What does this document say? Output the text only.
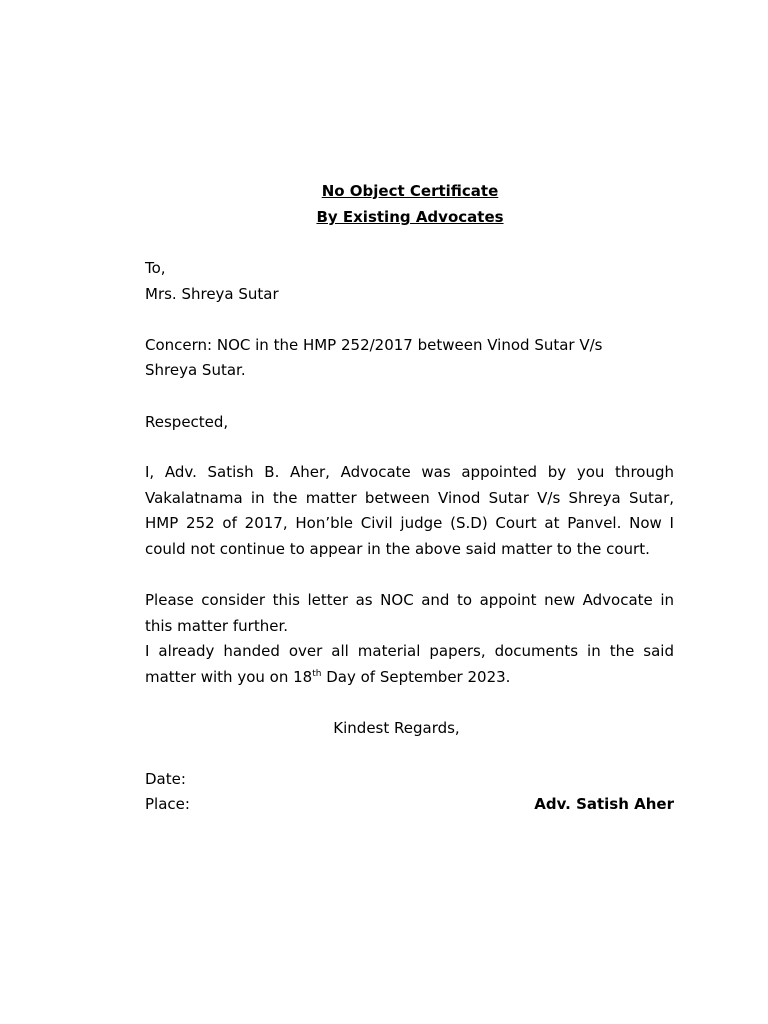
No Object Certificate
By Existing Advocates
To,
Mrs. Shreya Sutar
Concern: NOC in the HMP 252/2017 between Vinod Sutar V/s
Shreya Sutar.
Respected,
I, Adv. Satish B. Aher, Advocate was appointed by you through
Vakalatnama in the matter between Vinod Sutar V/s Shreya Sutar,
HMP 252 of 2017, Hon’ble Civil judge (S.D) Court at Panvel. Now I
could not continue to appear in the above said matter to the court.
Please consider this letter as NOC and to appoint new Advocate in
this matter further.
I already handed over all material papers, documents in the said
matter with you on 18th Day of September 2023.
Kindest Regards,
Date:
Place:	Adv. Satish Aher
